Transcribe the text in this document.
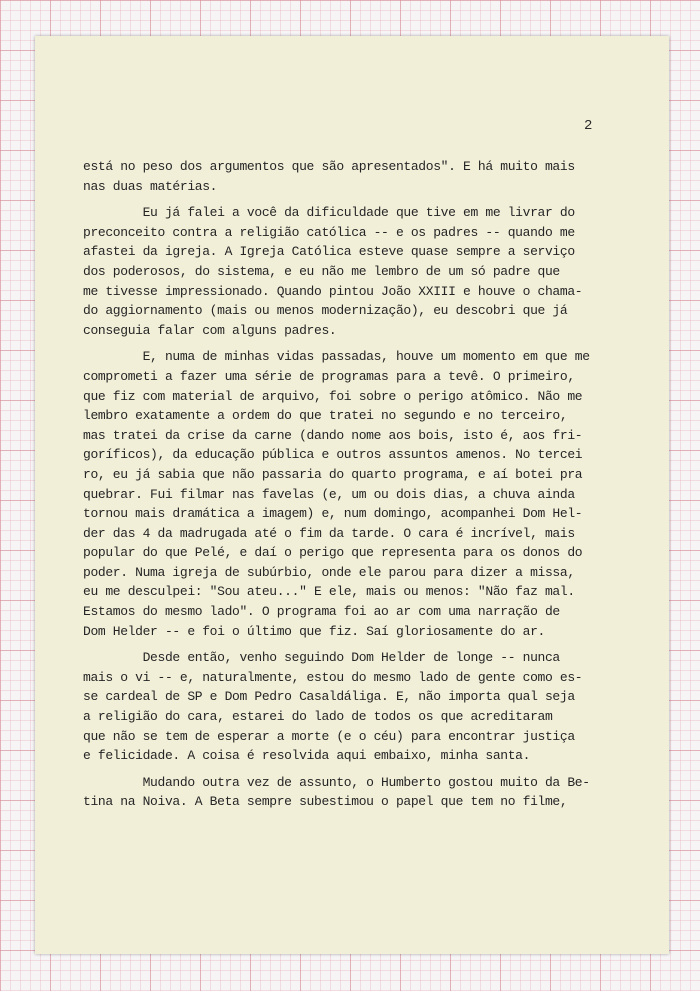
2
está no peso dos argumentos que são apresentados". E há muito mais
nas duas matérias.
Eu já falei a você da dificuldade que tive em me livrar do
preconceito contra a religião católica -- e os padres -- quando me
afastei da igreja. A Igreja Católica esteve quase sempre a serviço
dos poderosos, do sistema, e eu não me lembro de um só padre que
me tivesse impressionado. Quando pintou João XXIII e houve o chama-
do aggiornamento (mais ou menos modernização), eu descobri que já
conseguia falar com alguns padres.
E, numa de minhas vidas passadas, houve um momento em que me
comprometi a fazer uma série de programas para a tevê. O primeiro,
que fiz com material de arquivo, foi sobre o perigo atômico. Não me
lembro exatamente a ordem do que tratei no segundo e no terceiro,
mas tratei da crise da carne (dando nome aos bois, isto é, aos fri-
goríficos), da educação pública e outros assuntos amenos. No tercei
ro, eu já sabia que não passaria do quarto programa, e aí botei pra
quebrar. Fui filmar nas favelas (e, um ou dois dias, a chuva ainda
tornou mais dramática a imagem) e, num domingo, acompanhei Dom Hel-
der das 4 da madrugada até o fim da tarde. O cara é incrível, mais
popular do que Pelé, e daí o perigo que representa para os donos do
poder. Numa igreja de subúrbio, onde ele parou para dizer a missa,
eu me desculpei: "Sou ateu..." E ele, mais ou menos: "Não faz mal.
Estamos do mesmo lado". O programa foi ao ar com uma narração de
Dom Helder -- e foi o último que fiz. Saí gloriosamente do ar.
Desde então, venho seguindo Dom Helder de longe -- nunca
mais o vi -- e, naturalmente, estou do mesmo lado de gente como es-
se cardeal de SP e Dom Pedro Casaldáliga. E, não importa qual seja
a religião do cara, estarei do lado de todos os que acreditaram
que não se tem de esperar a morte (e o céu) para encontrar justiça
e felicidade. A coisa é resolvida aqui embaixo, minha santa.
Mudando outra vez de assunto, o Humberto gostou muito da Be-
tina na Noiva. A Beta sempre subestimou o papel que tem no filme,
